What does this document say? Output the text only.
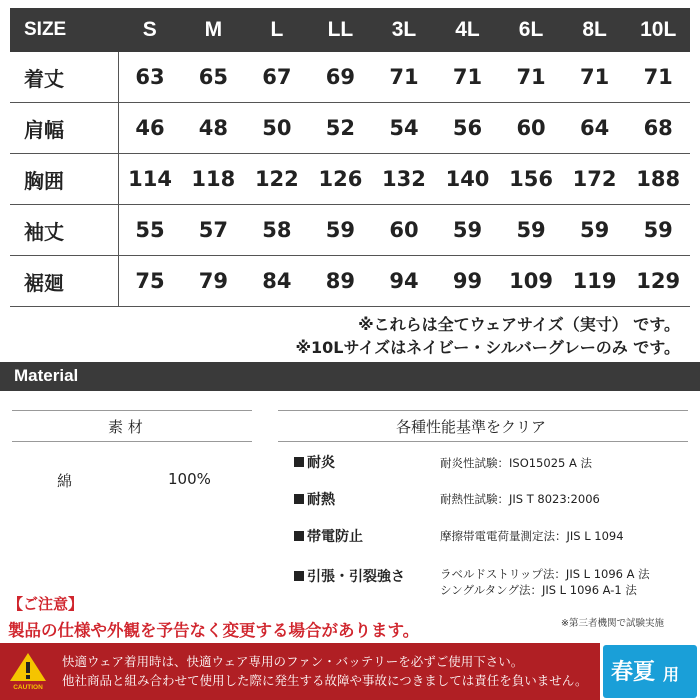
SIZE	S	M	L	LL	3L	4L	6L	8L	10L
着丈	63	65	67	69	71	71	71	71	71
肩幅	46	48	50	52	54	56	60	64	68
胸囲	114	118	122	126	132	140	156	172	188
袖丈	55	57	58	59	60	59	59	59	59
裾廻	75	79	84	89	94	99	109	119	129
※これらは全てウェアサイズ（実寸） です。
※10Lサイズはネイビー・シルバーグレーのみ です。
Material
素 材
綿	100%
各種性能基準をクリア
耐炎	耐炎性試験：ISO15025 A 法
耐熱	耐熱性試験：JIS T 8023:2006
帯電防止	摩擦帯電電荷量測定法：JIS L 1094
引張・引裂強さ	ラベルドストリップ法：JIS L 1096 A 法
シングルタング法：JIS L 1096 A-1 法
【ご注意】
製品の仕様や外観を予告なく変更する場合があります。	※第三者機関で試験実施
CAUTION
快適ウェア着用時は、快適ウェア専用のファン・バッテリーを必ずご使用下さい。
他社商品と組み合わせて使用した際に発生する故障や事故につきましては責任を負いません。 春夏 用
